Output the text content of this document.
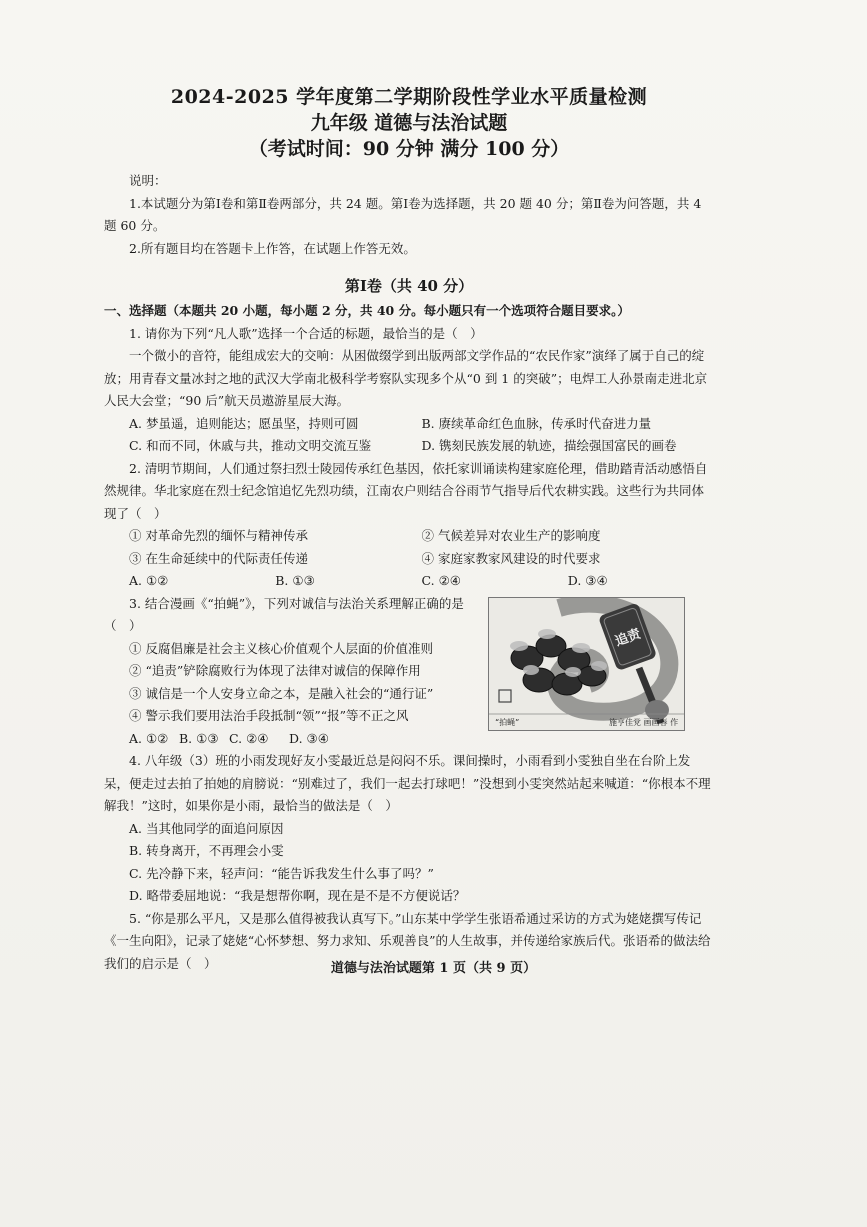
2024-2025 学年度第二学期阶段性学业水平质量检测

九年级 道德与法治试题

（考试时间：90 分钟 满分 100 分）

说明：

1.本试题分为第Ⅰ卷和第Ⅱ卷两部分，共 24 题。第Ⅰ卷为选择题，共 20 题 40 分；第Ⅱ卷为问答题，共 4 题 60 分。

2.所有题目均在答题卡上作答，在试题上作答无效。

第Ⅰ卷（共 40 分）

一、选择题（本题共 20 小题，每小题 2 分，共 40 分。每小题只有一个选项符合题目要求。）

1. 请你为下列“凡人歌”选择一个合适的标题，最恰当的是（　）

一个微小的音符，能组成宏大的交响：从困做缀学到出版两部文学作品的“农民作家”演绎了属于自己的绽放；用青春文量冰封之地的武汉大学南北极科学考察队实现多个从“0 到 1 的突破”；电焊工人孙景南走进北京人民大会堂；“90 后”航天员遨游星辰大海。

A. 梦虽遥，追则能达；愿虽坚，持则可圆	B. 赓续革命红色血脉，传承时代奋进力量
C. 和而不同，休戚与共，推动文明交流互鉴	D. 镌刻民族发展的轨迹，描绘强国富民的画卷

2. 清明节期间，人们通过祭扫烈士陵园传承红色基因，依托家训诵读构建家庭伦理，借助踏青活动感悟自然规律。华北家庭在烈士纪念馆追忆先烈功绩，江南农户则结合谷雨节气指导后代农耕实践。这些行为共同体现了（　）

① 对革命先烈的缅怀与精神传承	② 气候差异对农业生产的影响度
③ 在生命延续中的代际责任传递	④ 家庭家教家风建设的时代要求
A. ①②	B. ①③	C. ②④	D. ③④

3. 结合漫画《“拍蝇”》，下列对诚信与法治关系理解正确的是（　）

① 反腐倡廉是社会主义核心价值观个人层面的价值准则

② “追责”铲除腐败行为体现了法律对诚信的保障作用

③ 诚信是一个人安身立命之本，是融入社会的“通行证”

④ 警示我们要用法治手段抵制“领”“报”等不正之风

A. ①② B. ①③ C. ②④	D. ③④
追责
“拍蝇”	施亨佳党 画画春 作

4. 八年级（3）班的小雨发现好友小雯最近总是闷闷不乐。课间操时，小雨看到小雯独自坐在台阶上发呆，便走过去拍了拍她的肩膀说：“别难过了，我们一起去打球吧！”没想到小雯突然站起来喊道：“你根本不理解我！”这时，如果你是小雨，最恰当的做法是（　）

A. 当其他同学的面追问原因

B. 转身离开，不再理会小雯

C. 先冷静下来，轻声问：“能告诉我发生什么事了吗？”

D. 略带委屈地说：“我是想帮你啊，现在是不是不方便说话？

5. “你是那么平凡，又是那么值得被我认真写下。”山东某中学学生张语希通过采访的方式为姥姥撰写传记《一生向阳》，记录了姥姥“心怀梦想、努力求知、乐观善良”的人生故事，并传递给家族后代。张语希的做法给我们的启示是（　）	道德与法治试题第 1 页（共 9 页）
